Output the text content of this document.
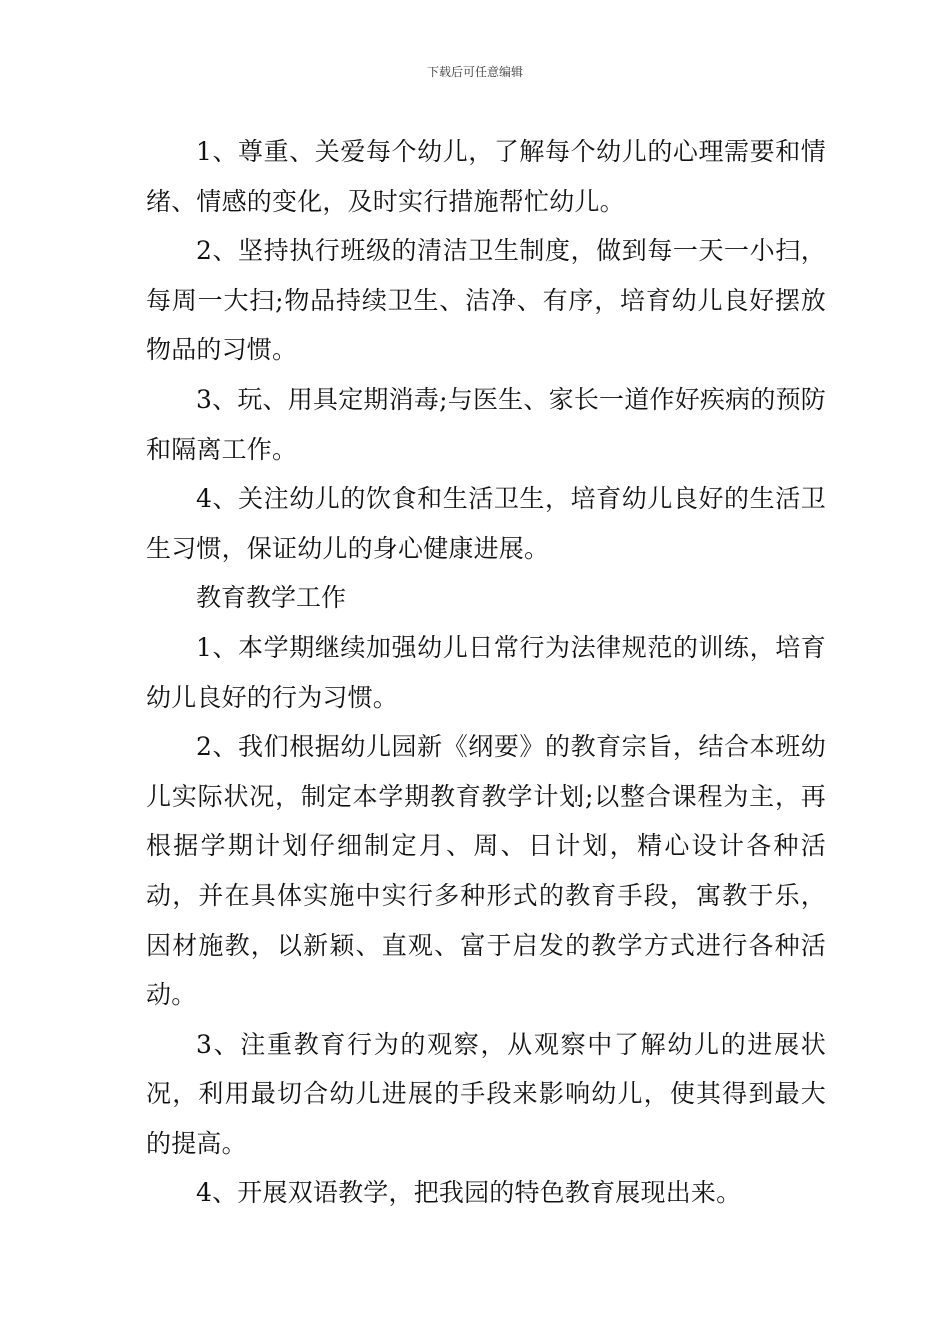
下载后可任意编辑

1、尊重、关爱每个幼儿，了解每个幼儿的心理需要和情绪、情感的变化，及时实行措施帮忙幼儿。

2、坚持执行班级的清洁卫生制度，做到每一天一小扫，每周一大扫;物品持续卫生、洁净、有序，培育幼儿良好摆放物品的习惯。

3、玩、用具定期消毒;与医生、家长一道作好疾病的预防和隔离工作。

4、关注幼儿的饮食和生活卫生，培育幼儿良好的生活卫生习惯，保证幼儿的身心健康进展。

教育教学工作

1、本学期继续加强幼儿日常行为法律规范的训练，培育幼儿良好的行为习惯。

2、我们根据幼儿园新《纲要》的教育宗旨，结合本班幼儿实际状况，制定本学期教育教学计划;以整合课程为主，再根据学期计划仔细制定月、周、日计划，精心设计各种活动，并在具体实施中实行多种形式的教育手段，寓教于乐，因材施教，以新颖、直观、富于启发的教学方式进行各种活动。

3、注重教育行为的观察，从观察中了解幼儿的进展状况，利用最切合幼儿进展的手段来影响幼儿，使其得到最大的提高。

4、开展双语教学，把我园的特色教育展现出来。
